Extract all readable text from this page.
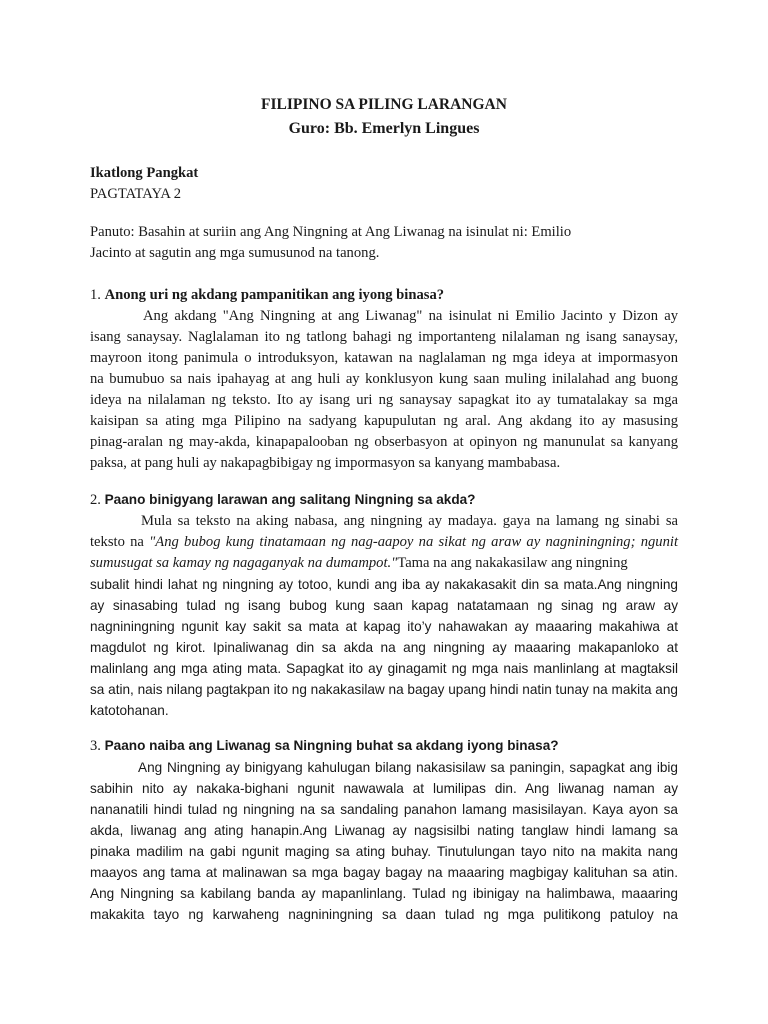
FILIPINO SA PILING LARANGAN
Guro: Bb. Emerlyn Lingues
Ikatlong Pangkat
PAGTATAYA 2
Panuto: Basahin at suriin ang Ang Ningning at Ang Liwanag na isinulat ni: Emilio
Jacinto at sagutin ang mga sumusunod na tanong.
1. Anong uri ng akdang pampanitikan ang iyong binasa?
Ang akdang "Ang Ningning at ang Liwanag" na isinulat ni Emilio Jacinto y Dizon ay
isang sanaysay. Naglalaman ito ng tatlong bahagi ng importanteng nilalaman ng isang sanaysay,
mayroon itong panimula o introduksyon, katawan na naglalaman ng mga ideya at impormasyon
na bumubuo sa nais ipahayag at ang huli ay konklusyon kung saan muling inilalahad ang buong
ideya na nilalaman ng teksto. Ito ay isang uri ng sanaysay sapagkat ito ay tumatalakay sa mga
kaisipan sa ating mga Pilipino na sadyang kapupulutan ng aral. Ang akdang ito ay masusing
pinag-aralan ng may-akda, kinapapalooban ng obserbasyon at opinyon ng manunulat sa kanyang
paksa, at pang huli ay nakapagbibigay ng impormasyon sa kanyang mambabasa.
2. Paano binigyang larawan ang salitang Ningning sa akda?
Mula sa teksto na aking nabasa, ang ningning ay madaya. gaya na lamang ng sinabi sa
teksto na "Ang bubog kung tinatamaan ng nag-aapoy na sikat ng araw ay nagniningning; ngunit
sumusugat sa kamay ng nagaganyak na dumampot."Tama na ang nakakasilaw ang ningning
subalit hindi lahat ng ningning ay totoo, kundi ang iba ay nakakasakit din sa mata.Ang ningning
ay sinasabing tulad ng isang bubog kung saan kapag natatamaan ng sinag ng araw ay
nagniningning ngunit kay sakit sa mata at kapag ito’y nahawakan ay maaaring makahiwa at
magdulot ng kirot. Ipinaliwanag din sa akda na ang ningning ay maaaring makapanloko at
malinlang ang mga ating mata. Sapagkat ito ay ginagamit ng mga nais manlinlang at magtaksil
sa atin, nais nilang pagtakpan ito ng nakakasilaw na bagay upang hindi natin tunay na makita ang
katotohanan.
3. Paano naiba ang Liwanag sa Ningning buhat sa akdang iyong binasa?
Ang Ningning ay binigyang kahulugan bilang nakasisilaw sa paningin, sapagkat ang ibig
sabihin nito ay nakaka-bighani ngunit nawawala at lumilipas din. Ang liwanag naman ay
nananatili hindi tulad ng ningning na sa sandaling panahon lamang masisilayan. Kaya ayon sa
akda, liwanag ang ating hanapin.Ang Liwanag ay nagsisilbi nating tanglaw hindi lamang sa
pinaka madilim na gabi ngunit maging sa ating buhay. Tinutulungan tayo nito na makita nang
maayos ang tama at malinawan sa mga bagay bagay na maaaring magbigay kalituhan sa atin.
Ang Ningning sa kabilang banda ay mapanlinlang. Tulad ng ibinigay na halimbawa, maaaring
makakita tayo ng karwaheng nagniningning sa daan tulad ng mga pulitikong patuloy na
